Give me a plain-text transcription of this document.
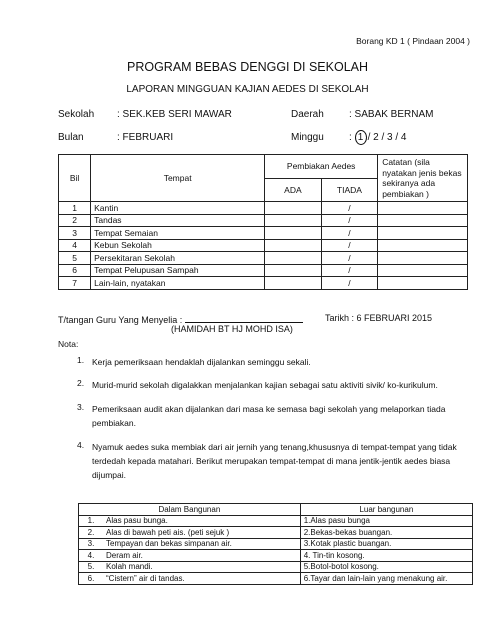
Borang KD 1 ( Pindaan 2004 )
PROGRAM BEBAS DENGGI DI SEKOLAH
LAPORAN MINGGUAN KAJIAN AEDES DI SEKOLAH
Sekolah : SEK.KEB SERI MAWAR	Daerah	: SABAK BERNAM
Bulan	: FEBRUARI	Minggu	: 1 / 2 / 3 / 4
Bil	Tempat	Pembiakan Aedes		Catatan (sila nyatakan jenis bekas sekiranya ada pembiakan )
		ADA	TIADA	
1	Kantin		/	
2	Tandas		/	
3	Tempat Semaian		/	
4	Kebun Sekolah		/	
5	Persekitaran Sekolah		/	
6	Tempat Pelupusan Sampah		/	
7	Lain-lain, nyatakan		/	
T/tangan Guru Yang Menyelia :
(HAMIDAH BT HJ MOHD ISA)
Tarikh : 6 FEBRUARI 2015
Nota:
1. Kerja pemeriksaan hendaklah dijalankan seminggu sekali.
2. Murid-murid sekolah digalakkan menjalankan kajian sebagai satu aktiviti sivik/ ko-kurikulum.
3. Pemeriksaan audit akan dijalankan dari masa ke semasa bagi sekolah yang melaporkan tiada pembiakan.
4. Nyamuk aedes suka membiak dari air jernih yang tenang,khususnya di tempat-tempat yang tidak terdedah kepada matahari. Berikut merupakan tempat-tempat di mana jentik-jentik aedes biasa dijumpai.
Dalam Bangunan		Luar bangunan
1.	Alas pasu bunga.	1.Alas pasu bunga
2.	Alas di bawah peti ais. (peti sejuk )	2.Bekas-bekas buangan.
3.	Tempayan dan bekas simpanan air.	3.Kotak plastic buangan.
4.	Deram air.	4. Tin-tin kosong.
5.	Kolah mandi.	5.Botol-botol kosong.
6.	“Cistern” air di tandas.	6.Tayar dan lain-lain yang menakung air.
